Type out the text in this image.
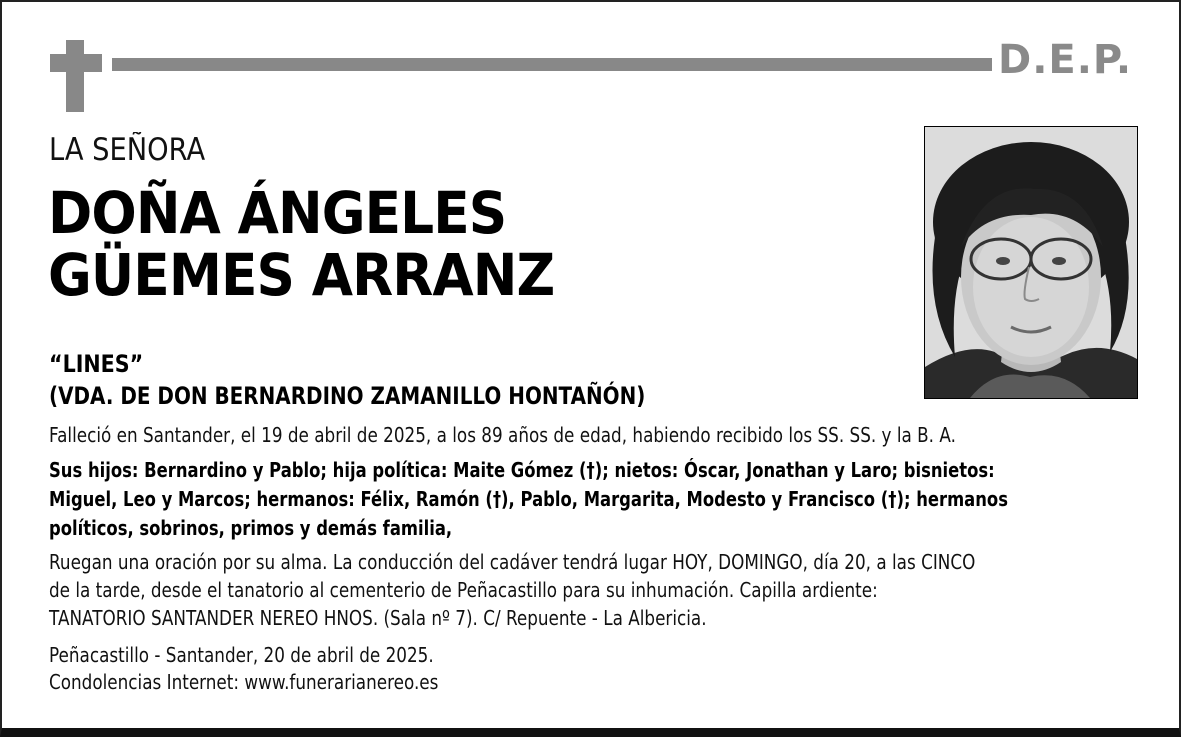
D.E.P.
LA SEÑORA
DOÑA ÁNGELES
GÜEMES ARRANZ
“LINES”
(VDA. DE DON BERNARDINO ZAMANILLO HONTAÑÓN)
Falleció en Santander, el 19 de abril de 2025, a los 89 años de edad, habiendo recibido los SS. SS. y la B. A.
Sus hijos: Bernardino y Pablo; hija política: Maite Gómez (†); nietos: Óscar, Jonathan y Laro; bisnietos:
Miguel, Leo y Marcos; hermanos: Félix, Ramón (†), Pablo, Margarita, Modesto y Francisco (†); hermanos
políticos, sobrinos, primos y demás familia,
Ruegan una oración por su alma. La conducción del cadáver tendrá lugar HOY, DOMINGO, día 20, a las CINCO
de la tarde, desde el tanatorio al cementerio de Peñacastillo para su inhumación. Capilla ardiente:
TANATORIO SANTANDER NEREO HNOS. (Sala nº 7). C/ Repuente - La Albericia.
Peñacastillo - Santander, 20 de abril de 2025.
Condolencias Internet: www.funerarianereo.es
